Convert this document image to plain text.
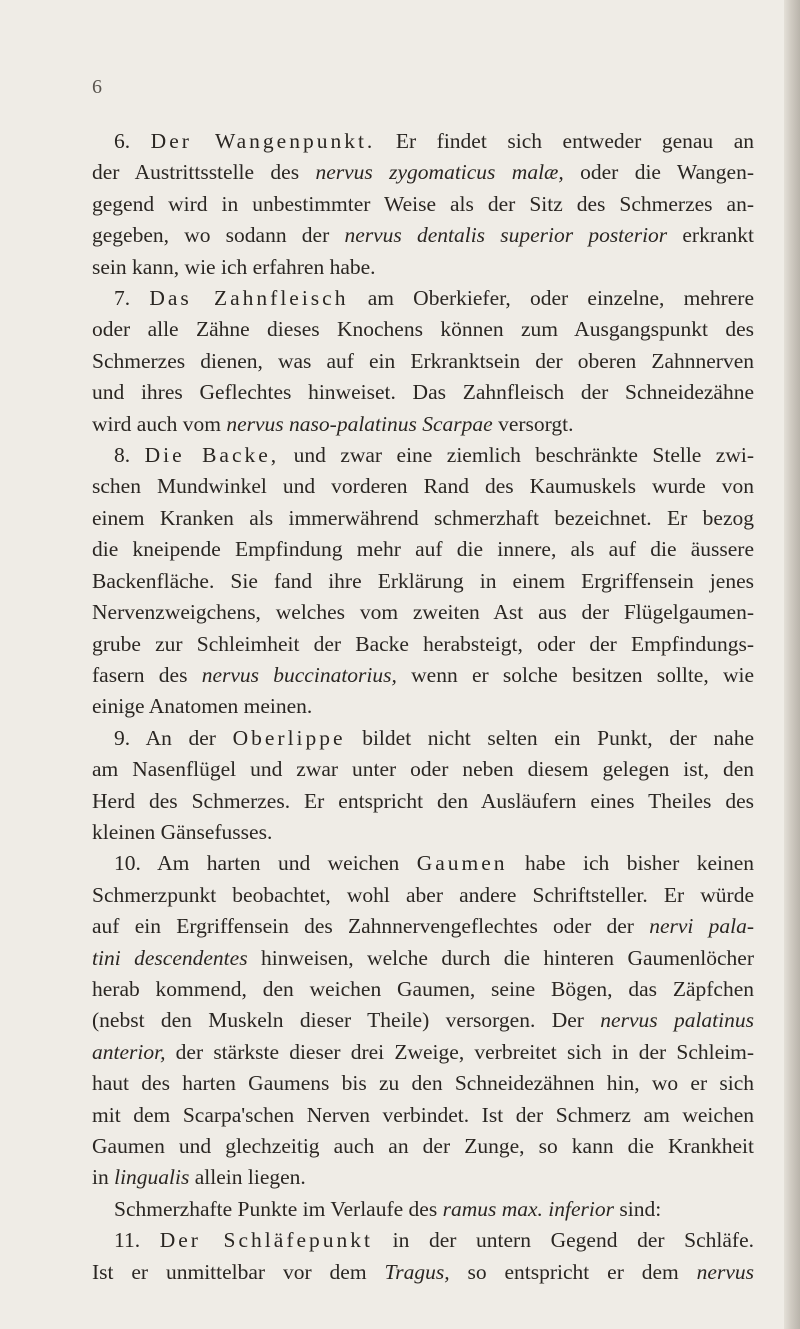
6
6. Der Wangenpunkt. Er findet sich entweder genau an
der Austrittsstelle des nervus zygomaticus malæ, oder die Wangen-
gegend wird in unbestimmter Weise als der Sitz des Schmerzes an-
gegeben, wo sodann der nervus dentalis superior posterior erkrankt
sein kann, wie ich erfahren habe.
7. Das Zahnfleisch am Oberkiefer, oder einzelne, mehrere
oder alle Zähne dieses Knochens können zum Ausgangspunkt des
Schmerzes dienen, was auf ein Erkranktsein der oberen Zahnnerven
und ihres Geflechtes hinweiset. Das Zahnfleisch der Schneidezähne
wird auch vom nervus naso-palatinus Scarpae versorgt.
8. Die Backe, und zwar eine ziemlich beschränkte Stelle zwi-
schen Mundwinkel und vorderen Rand des Kaumuskels wurde von
einem Kranken als immerwährend schmerzhaft bezeichnet. Er bezog
die kneipende Empfindung mehr auf die innere, als auf die äussere
Backenfläche. Sie fand ihre Erklärung in einem Ergriffensein jenes
Nervenzweigchens, welches vom zweiten Ast aus der Flügelgaumen-
grube zur Schleimheit der Backe herabsteigt, oder der Empfindungs-
fasern des nervus buccinatorius, wenn er solche besitzen sollte, wie
einige Anatomen meinen.
9. An der Oberlippe bildet nicht selten ein Punkt, der nahe
am Nasenflügel und zwar unter oder neben diesem gelegen ist, den
Herd des Schmerzes. Er entspricht den Ausläufern eines Theiles des
kleinen Gänsefusses.
10. Am harten und weichen Gaumen habe ich bisher keinen
Schmerzpunkt beobachtet, wohl aber andere Schriftsteller. Er würde
auf ein Ergriffensein des Zahnnervengeflechtes oder der nervi pala-
tini descendentes hinweisen, welche durch die hinteren Gaumenlöcher
herab kommend, den weichen Gaumen, seine Bögen, das Zäpfchen
(nebst den Muskeln dieser Theile) versorgen. Der nervus palatinus
anterior, der stärkste dieser drei Zweige, verbreitet sich in der Schleim-
haut des harten Gaumens bis zu den Schneidezähnen hin, wo er sich
mit dem Scarpa'schen Nerven verbindet. Ist der Schmerz am weichen
Gaumen und glechzeitig auch an der Zunge, so kann die Krankheit
in lingualis allein liegen.
Schmerzhafte Punkte im Verlaufe des ramus max. inferior sind:
11. Der Schläfepunkt in der untern Gegend der Schläfe.
Ist er unmittelbar vor dem Tragus, so entspricht er dem nervus
